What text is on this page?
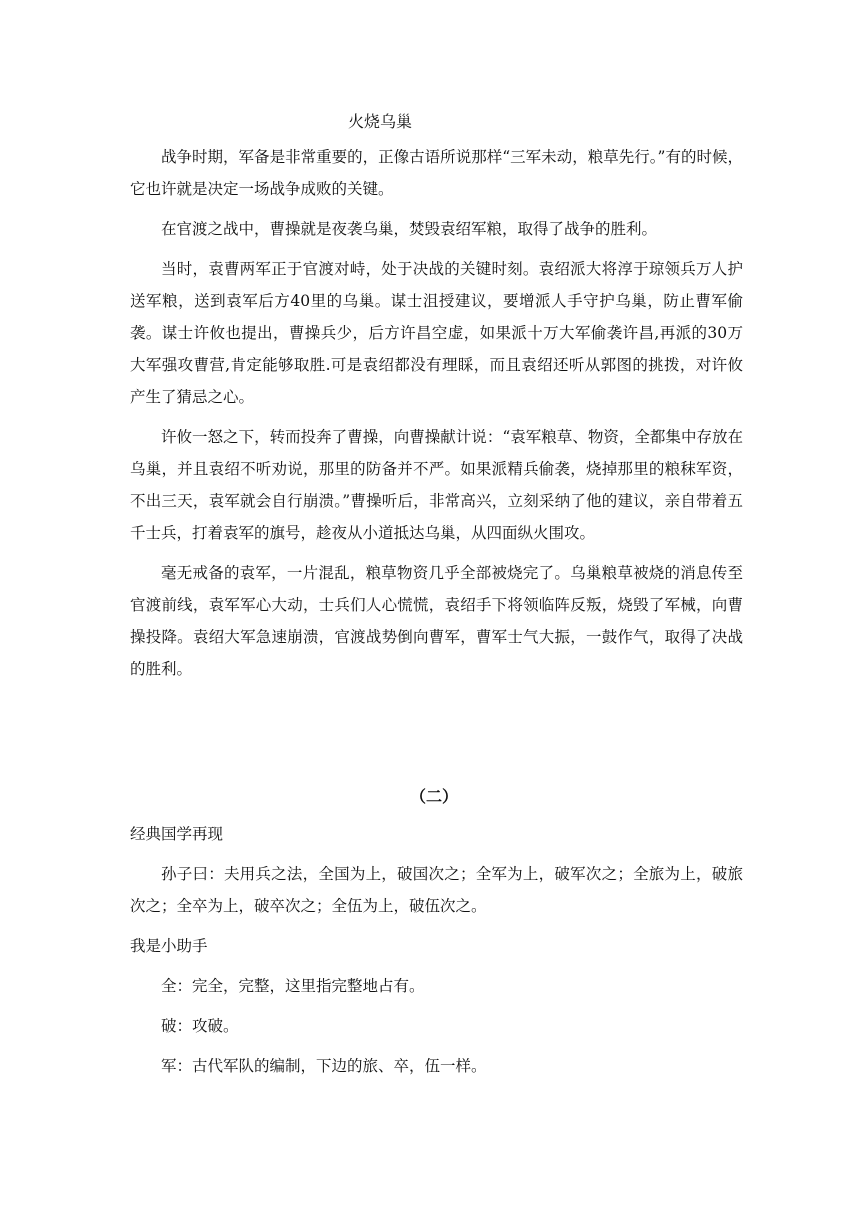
火烧乌巢

战争时期，军备是非常重要的，正像古语所说那样“三军未动，粮草先行。”有的时候，它也许就是决定一场战争成败的关键。

在官渡之战中，曹操就是夜袭乌巢，焚毁袁绍军粮，取得了战争的胜利。

当时，袁曹两军正于官渡对峙，处于决战的关键时刻。袁绍派大将淳于琼领兵万人护送军粮，送到袁军后方40里的乌巢。谋士沮授建议，要增派人手守护乌巢，防止曹军偷袭。谋士许攸也提出，曹操兵少，后方许昌空虚，如果派十万大军偷袭许昌,再派的30万大军强攻曹营,肯定能够取胜.可是袁绍都没有理睬，而且袁绍还听从郭图的挑拨，对许攸产生了猜忌之心。

许攸一怒之下，转而投奔了曹操，向曹操献计说：“袁军粮草、物资，全都集中存放在乌巢，并且袁绍不听劝说，那里的防备并不严。如果派精兵偷袭，烧掉那里的粮秣军资，不出三天，袁军就会自行崩溃。”曹操听后，非常高兴，立刻采纳了他的建议，亲自带着五千士兵，打着袁军的旗号，趁夜从小道抵达乌巢，从四面纵火围攻。

毫无戒备的袁军，一片混乱，粮草物资几乎全部被烧完了。乌巢粮草被烧的消息传至官渡前线，袁军军心大动，士兵们人心慌慌，袁绍手下将领临阵反叛，烧毁了军械，向曹操投降。袁绍大军急速崩溃，官渡战势倒向曹军，曹军士气大振，一鼓作气，取得了决战的胜利。

（二）

经典国学再现

孙子曰：夫用兵之法，全国为上，破国次之；全军为上，破军次之；全旅为上，破旅次之；全卒为上，破卒次之；全伍为上，破伍次之。

我是小助手

全：完全，完整，这里指完整地占有。

破：攻破。

军：古代军队的编制，下边的旅、卒，伍一样。
